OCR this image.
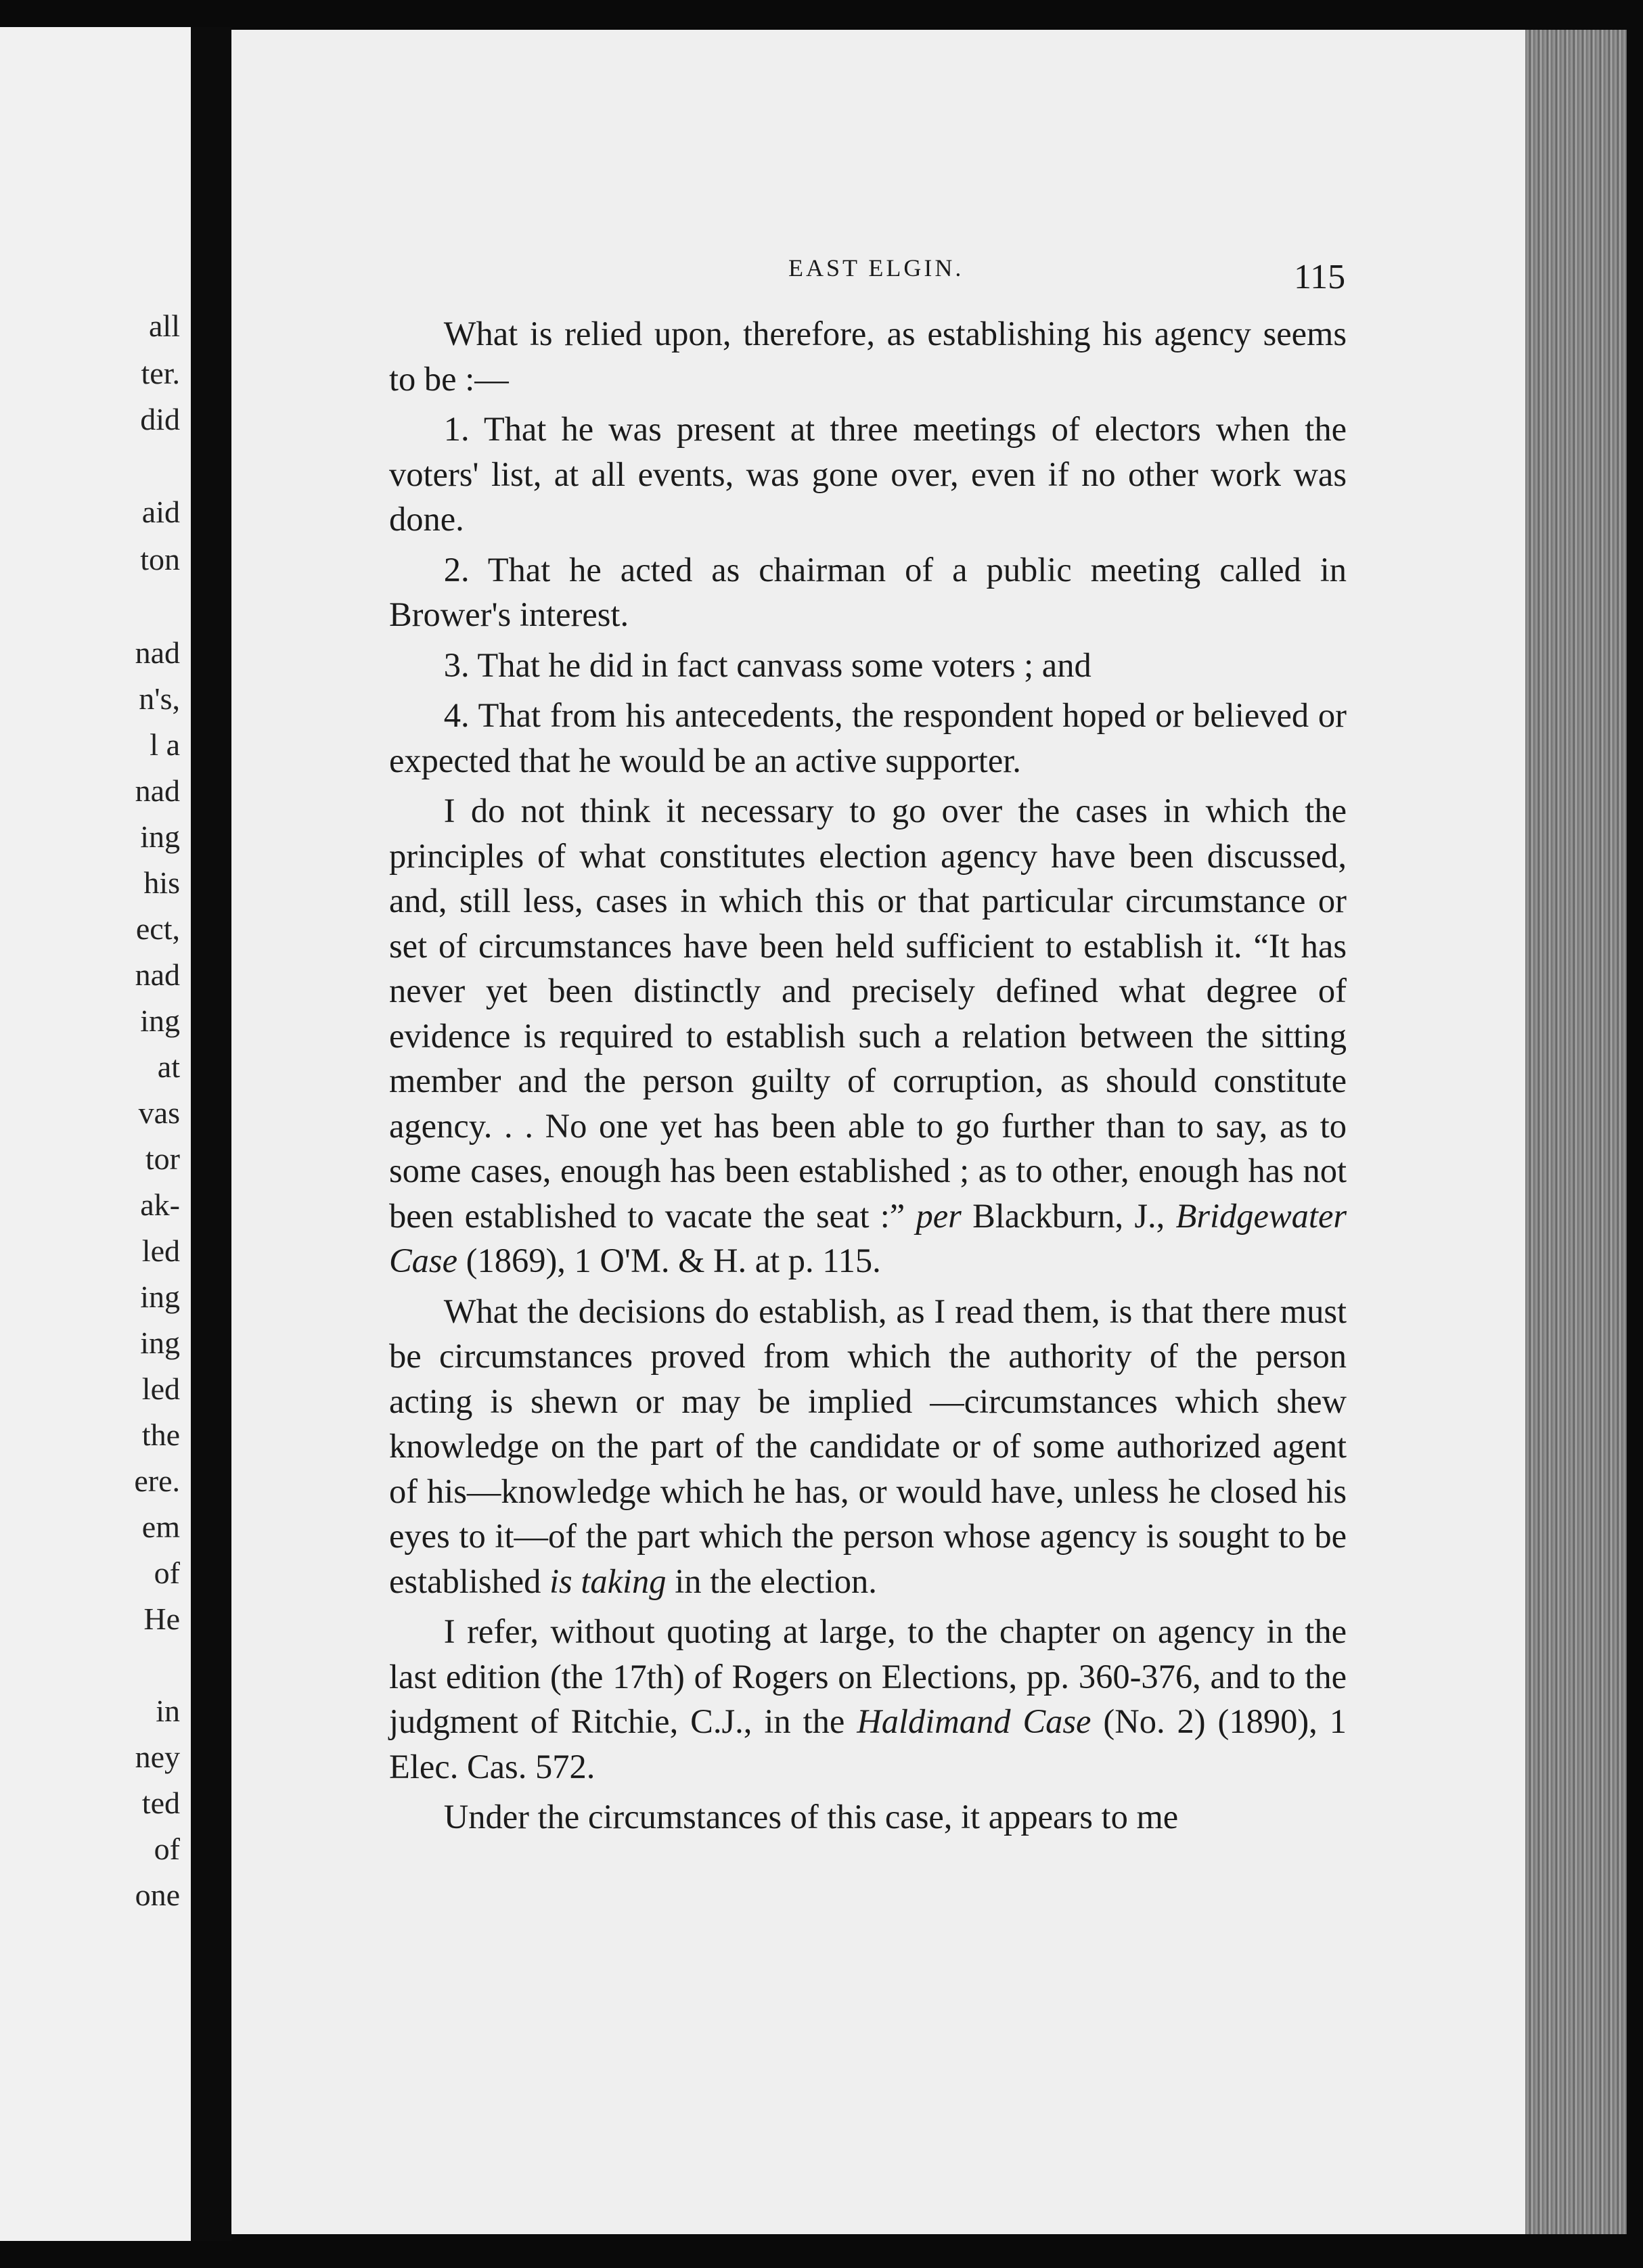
all
ter.
did
aid
ton
nad
n's,
l a
nad
ing
his
ect,
nad
ing
at
vas
tor
ak-
led
ing
ing
led
the
ere.
em
of
He
in
ney
ted
of
one
EAST ELGIN.	115

What is relied upon, therefore, as establishing his agency seems to be :—

1. That he was present at three meetings of electors when the voters' list, at all events, was gone over, even if no other work was done.

2. That he acted as chairman of a public meeting called in Brower's interest.

3. That he did in fact canvass some voters ; and

4. That from his antecedents, the respondent hoped or believed or expected that he would be an active supporter.

I do not think it necessary to go over the cases in which the principles of what constitutes election agency have been discussed, and, still less, cases in which this or that particular circumstance or set of circumstances have been held sufficient to establish it. “It has never yet been distinctly and precisely defined what degree of evidence is required to establish such a relation between the sitting member and the person guilty of corruption, as should constitute agency. . . No one yet has been able to go further than to say, as to some cases, enough has been established ; as to other, enough has not been established to vacate the seat :” per Blackburn, J., Bridgewater Case (1869), 1 O'M. & H. at p. 115.

What the decisions do establish, as I read them, is that there must be circumstances proved from which the authority of the person acting is shewn or may be implied —circumstances which shew knowledge on the part of the candidate or of some authorized agent of his—knowledge which he has, or would have, unless he closed his eyes to it—of the part which the person whose agency is sought to be established is taking in the election.

I refer, without quoting at large, to the chapter on agency in the last edition (the 17th) of Rogers on Elections, pp. 360-376, and to the judgment of Ritchie, C.J., in the Haldimand Case (No. 2) (1890), 1 Elec. Cas. 572.

Under the circumstances of this case, it appears to me
